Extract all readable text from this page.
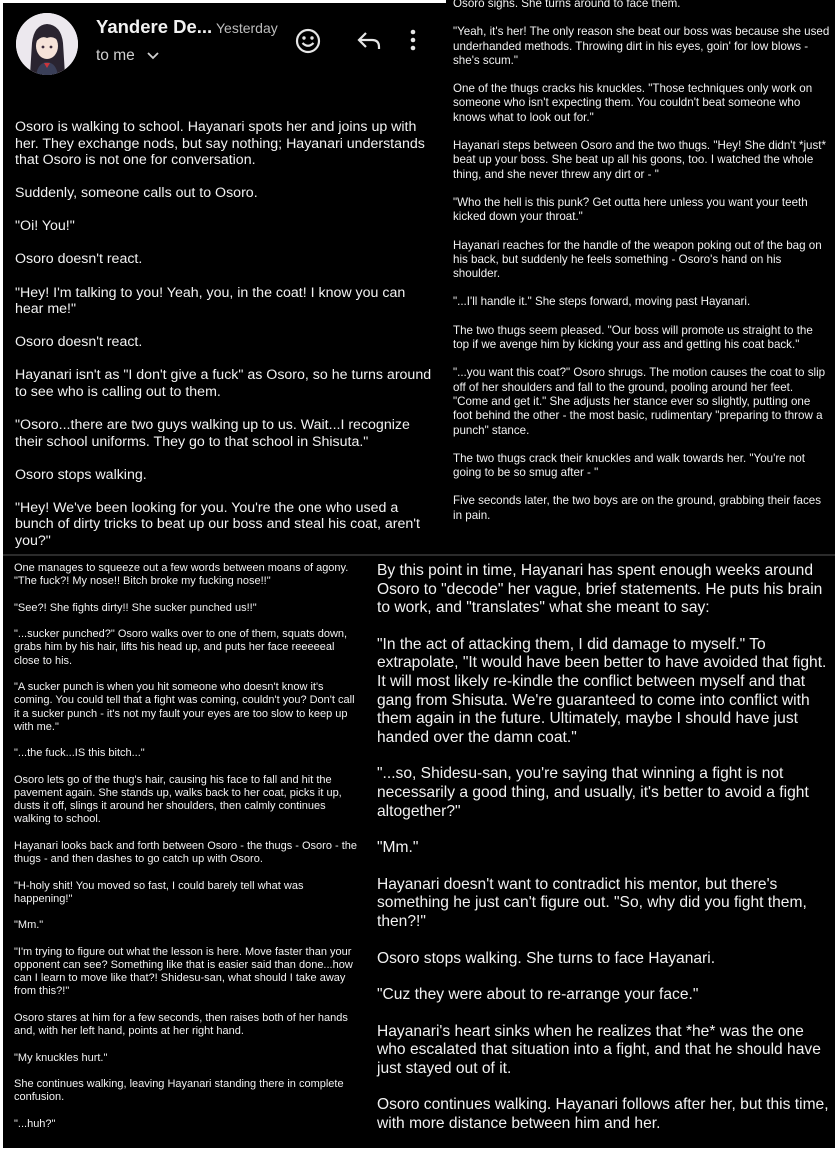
Yandere De... Yesterday
to me

Osoro is walking to school. Hayanari spots her and joins up with her. They exchange nods, but say nothing; Hayanari understands that Osoro is not one for conversation.

Suddenly, someone calls out to Osoro.

"Oi! You!"

Osoro doesn't react.

"Hey! I'm talking to you! Yeah, you, in the coat! I know you can hear me!"

Osoro doesn't react.

Hayanari isn't as "I don't give a fuck" as Osoro, so he turns around to see who is calling out to them.

"Osoro...there are two guys walking up to us. Wait...I recognize their school uniforms. They go to that school in Shisuta."

Osoro stops walking.

"Hey! We've been looking for you. You're the one who used a bunch of dirty tricks to beat up our boss and steal his coat, aren't you?"

Osoro sighs. She turns around to face them.

"Yeah, it's her! The only reason she beat our boss was because she used underhanded methods. Throwing dirt in his eyes, goin' for low blows - she's scum."

One of the thugs cracks his knuckles. "Those techniques only work on someone who isn't expecting them. You couldn't beat someone who knows what to look out for."

Hayanari steps between Osoro and the two thugs. "Hey! She didn't *just* beat up your boss. She beat up all his goons, too. I watched the whole thing, and she never threw any dirt or - "

"Who the hell is this punk? Get outta here unless you want your teeth kicked down your throat."

Hayanari reaches for the handle of the weapon poking out of the bag on his back, but suddenly he feels something - Osoro's hand on his shoulder.

"...I'll handle it." She steps forward, moving past Hayanari.

The two thugs seem pleased. "Our boss will promote us straight to the top if we avenge him by kicking your ass and getting his coat back."

"...you want this coat?" Osoro shrugs. The motion causes the coat to slip off of her shoulders and fall to the ground, pooling around her feet. "Come and get it." She adjusts her stance ever so slightly, putting one foot behind the other - the most basic, rudimentary "preparing to throw a punch" stance.

The two thugs crack their knuckles and walk towards her. "You're not going to be so smug after - "

Five seconds later, the two boys are on the ground, grabbing their faces in pain.

One manages to squeeze out a few words between moans of agony. "The fuck?! My nose!! Bitch broke my fucking nose!!"

"See?! She fights dirty!! She sucker punched us!!"

"...sucker punched?" Osoro walks over to one of them, squats down, grabs him by his hair, lifts his head up, and puts her face reeeeeal close to his.

"A sucker punch is when you hit someone who doesn't know it's coming. You could tell that a fight was coming, couldn't you? Don't call it a sucker punch - it's not my fault your eyes are too slow to keep up with me."

"...the fuck...IS this bitch..."

Osoro lets go of the thug's hair, causing his face to fall and hit the pavement again. She stands up, walks back to her coat, picks it up, dusts it off, slings it around her shoulders, then calmly continues walking to school.

Hayanari looks back and forth between Osoro - the thugs - Osoro - the thugs - and then dashes to go catch up with Osoro.

"H-holy shit! You moved so fast, I could barely tell what was happening!"

"Mm."

"I'm trying to figure out what the lesson is here. Move faster than your opponent can see? Something like that is easier said than done...how can I learn to move like that?! Shidesu-san, what should I take away from this?!"

Osoro stares at him for a few seconds, then raises both of her hands and, with her left hand, points at her right hand.

"My knuckles hurt."

She continues walking, leaving Hayanari standing there in complete confusion.

"...huh?"

By this point in time, Hayanari has spent enough weeks around Osoro to "decode" her vague, brief statements. He puts his brain to work, and "translates" what she meant to say:

"In the act of attacking them, I did damage to myself." To extrapolate, "It would have been better to have avoided that fight. It will most likely re-kindle the conflict between myself and that gang from Shisuta. We're guaranteed to come into conflict with them again in the future. Ultimately, maybe I should have just handed over the damn coat."

"...so, Shidesu-san, you're saying that winning a fight is not necessarily a good thing, and usually, it's better to avoid a fight altogether?"

"Mm."

Hayanari doesn't want to contradict his mentor, but there's something he just can't figure out. "So, why did you fight them, then?!"

Osoro stops walking. She turns to face Hayanari.

"Cuz they were about to re-arrange your face."

Hayanari's heart sinks when he realizes that *he* was the one who escalated that situation into a fight, and that he should have just stayed out of it.

Osoro continues walking. Hayanari follows after her, but this time, with more distance between him and her.
